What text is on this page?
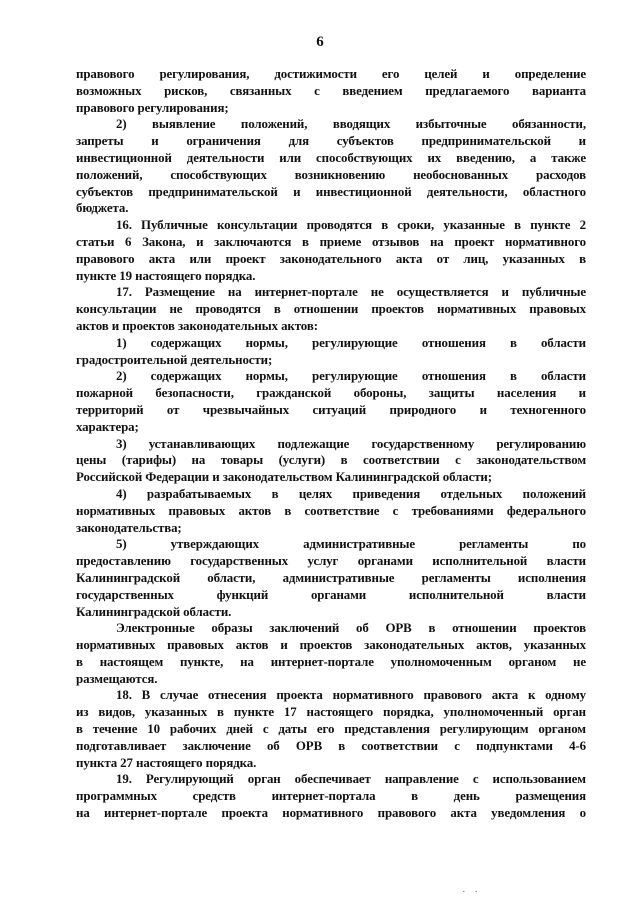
6
правового регулирования, достижимости его целей и определение
возможных рисков, связанных с введением предлагаемого варианта
правового регулирования;
2) выявление положений, вводящих избыточные обязанности,
запреты и ограничения для субъектов предпринимательской и
инвестиционной деятельности или способствующих их введению, а также
положений, способствующих возникновению необоснованных расходов
субъектов предпринимательской и инвестиционной деятельности, областного
бюджета.
16. Публичные консультации проводятся в сроки, указанные в пункте 2
статьи 6 Закона, и заключаются в приеме отзывов на проект нормативного
правового акта или проект законодательного акта от лиц, указанных в
пункте 19 настоящего порядка.
17. Размещение на интернет-портале не осуществляется и публичные
консультации не проводятся в отношении проектов нормативных правовых
актов и проектов законодательных актов:
1) содержащих нормы, регулирующие отношения в области
градостроительной деятельности;
2) содержащих нормы, регулирующие отношения в области
пожарной безопасности, гражданской обороны, защиты населения и
территорий от чрезвычайных ситуаций природного и техногенного
характера;
3) устанавливающих подлежащие государственному регулированию
цены (тарифы) на товары (услуги) в соответствии с законодательством
Российской Федерации и законодательством Калининградской области;
4) разрабатываемых в целях приведения отдельных положений
нормативных правовых актов в соответствие с требованиями федерального
законодательства;
5) утверждающих административные регламенты по
предоставлению государственных услуг органами исполнительной власти
Калининградской области, административные регламенты исполнения
государственных функций органами исполнительной власти
Калининградской области.
Электронные образы заключений об ОРВ в отношении проектов
нормативных правовых актов и проектов законодательных актов, указанных
в настоящем пункте, на интернет-портале уполномоченным органом не
размещаются.
18. В случае отнесения проекта нормативного правового акта к одному
из видов, указанных в пункте 17 настоящего порядка, уполномоченный орган
в течение 10 рабочих дней с даты его представления регулирующим органом
подготавливает заключение об ОРВ в соответствии с подпунктами 4-6
пункта 27 настоящего порядка.
19. Регулирующий орган обеспечивает направление с использованием
программных средств интернет-портала в день размещения
на интернет-портале проекта нормативного правового акта уведомления о
· ·
